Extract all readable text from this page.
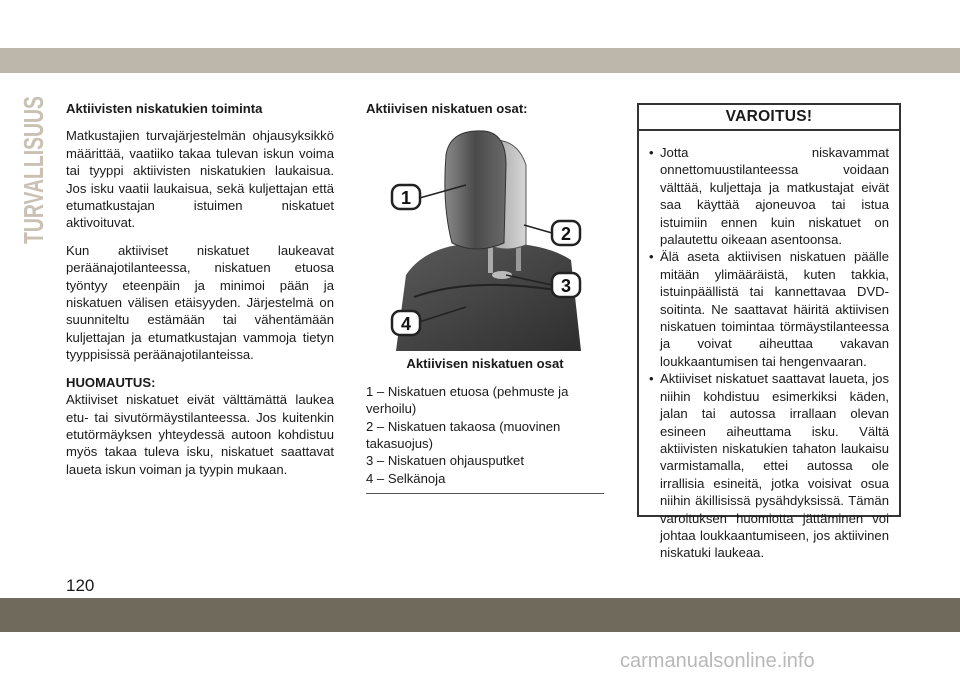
TURVALLISUUS Aktiivisten niskatukien toiminta
Matkustajien turvajärjestelmän ohjausyksikkö määrittää, vaatiiko takaa tulevan iskun voima tai tyyppi aktiivisten niskatukien laukaisua. Jos isku vaatii laukaisua, sekä kuljettajan että etumatkustajan istuimen niskatuet aktivoituvat.
Kun aktiiviset niskatuet laukeavat peräänajotilanteessa, niskatuen etuosa työntyy eteenpäin ja minimoi pään ja niskatuen välisen etäisyyden. Järjestelmä on suunniteltu estämään tai vähentämään kuljettajan ja etumatkustajan vammoja tietyn tyyppisissä peräänajotilanteissa.
HUOMAUTUS:
Aktiiviset niskatuet eivät välttämättä laukea etu- tai sivutörmäystilanteessa. Jos kuitenkin etutörmäyksen yhteydessä autoon kohdistuu myös takaa tuleva isku, niskatuet saattavat laueta iskun voiman ja tyypin mukaan.
Aktiivisen niskatuen osat:
1
2
3
4
Aktiivisen niskatuen osat
1 – Niskatuen etuosa (pehmuste ja verhoilu)
2 – Niskatuen takaosa (muovinen takasuojus)
3 – Niskatuen ohjausputket
4 – Selkänoja
VAROITUS!
• Jotta niskavammat onnettomuustilanteessa voidaan välttää, kuljettaja ja matkustajat eivät saa käyttää ajoneuvoa tai istua istuimiin ennen kuin niskatuet on palautettu oikeaan asentoonsa.
• Älä aseta aktiivisen niskatuen päälle mitään ylimääräistä, kuten takkia, istuinpäällistä tai kannettavaa DVD-soitinta. Ne saattavat häiritä aktiivisen niskatuen toimintaa törmäystilanteessa ja voivat aiheuttaa vakavan loukkaantumisen tai hengenvaaran.
• Aktiiviset niskatuet saattavat laueta, jos niihin kohdistuu esimerkiksi käden, jalan tai autossa irrallaan olevan esineen aiheuttama isku. Vältä aktiivisten niskatukien tahaton laukaisu varmistamalla, ettei autossa ole irrallisia esineitä, jotka voisivat osua niihin äkillisissä pysähdyksissä. Tämän varoituksen huomiotta jättäminen voi johtaa loukkaantumiseen, jos aktiivinen niskatuki laukeaa.
120
carmanualsonline.info
